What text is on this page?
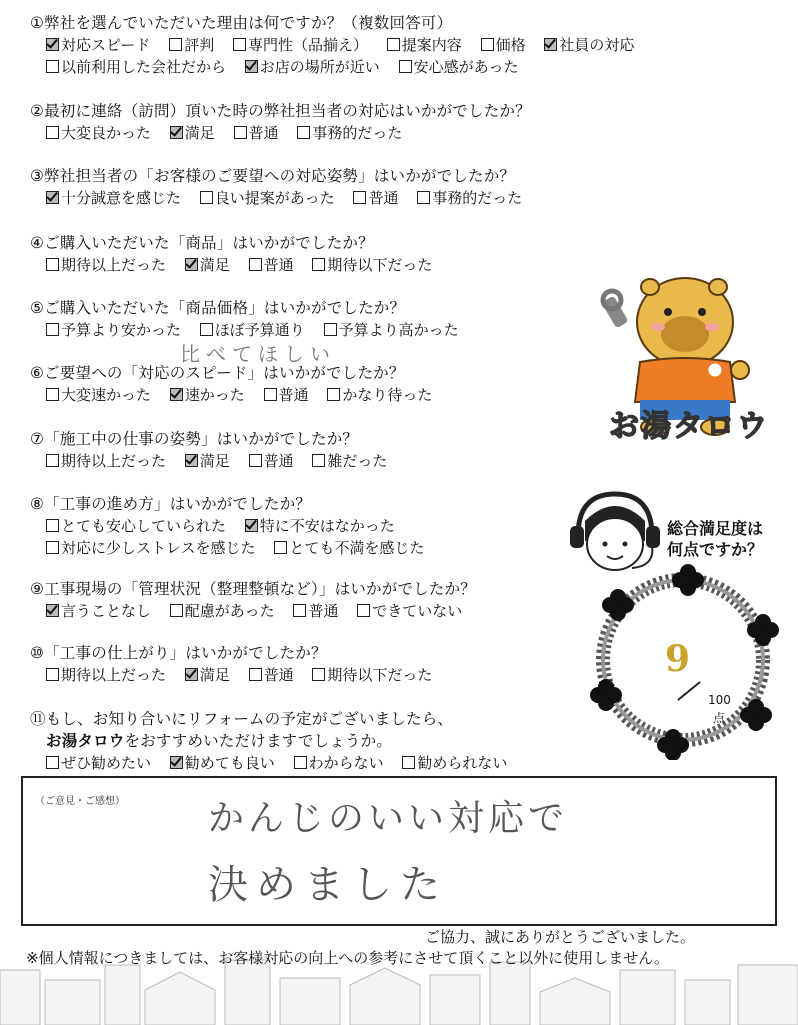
①弊社を選んでいただいた理由は何ですか？（複数回答可）
対応スピード 評判 専門性（品揃え） 提案内容 価格 社員の対応
以前利用した会社だから お店の場所が近い 安心感があった
②最初に連絡（訪問）頂いた時の弊社担当者の対応はいかがでしたか？
大変良かった 満足 普通 事務的だった
③弊社担当者の「お客様のご要望への対応姿勢」はいかがでしたか？
十分誠意を感じた 良い提案があった 普通 事務的だった
④ご購入いただいた「商品」はいかがでしたか？
期待以上だった 満足 普通 期待以下だった
⑤ご購入いただいた「商品価格」はいかがでしたか？
予算より安かった ほぼ予算通り 予算より高かった
比べてほしい
⑥ご要望への「対応のスピード」はいかがでしたか？
大変速かった 速かった 普通 かなり待った
⑦「施工中の仕事の姿勢」はいかがでしたか？
期待以上だった 満足 普通 雑だった
⑧「工事の進め方」はいかがでしたか？
とても安心していられた 特に不安はなかった
対応に少しストレスを感じた とても不満を感じた
⑨工事現場の「管理状況（整理整頓など）」はいかがでしたか？
言うことなし 配慮があった 普通 できていない
⑩「工事の仕上がり」はいかがでしたか？
期待以上だった 満足 普通 期待以下だった
⑪もし、お知り合いにリフォームの予定がございましたら、
お湯タロウをおすすめいただけますでしょうか。
ぜひ勧めたい 勧めても良い わからない 勧められない
お湯タロウ
総合満足度は
何点ですか？
9
100
点
（ご意見・ご感想） かんじのいい対応で
決めました
ご協力、誠にありがとうございました。
※個人情報につきましては、お客様対応の向上への参考にさせて頂くこと以外に使用しません。
